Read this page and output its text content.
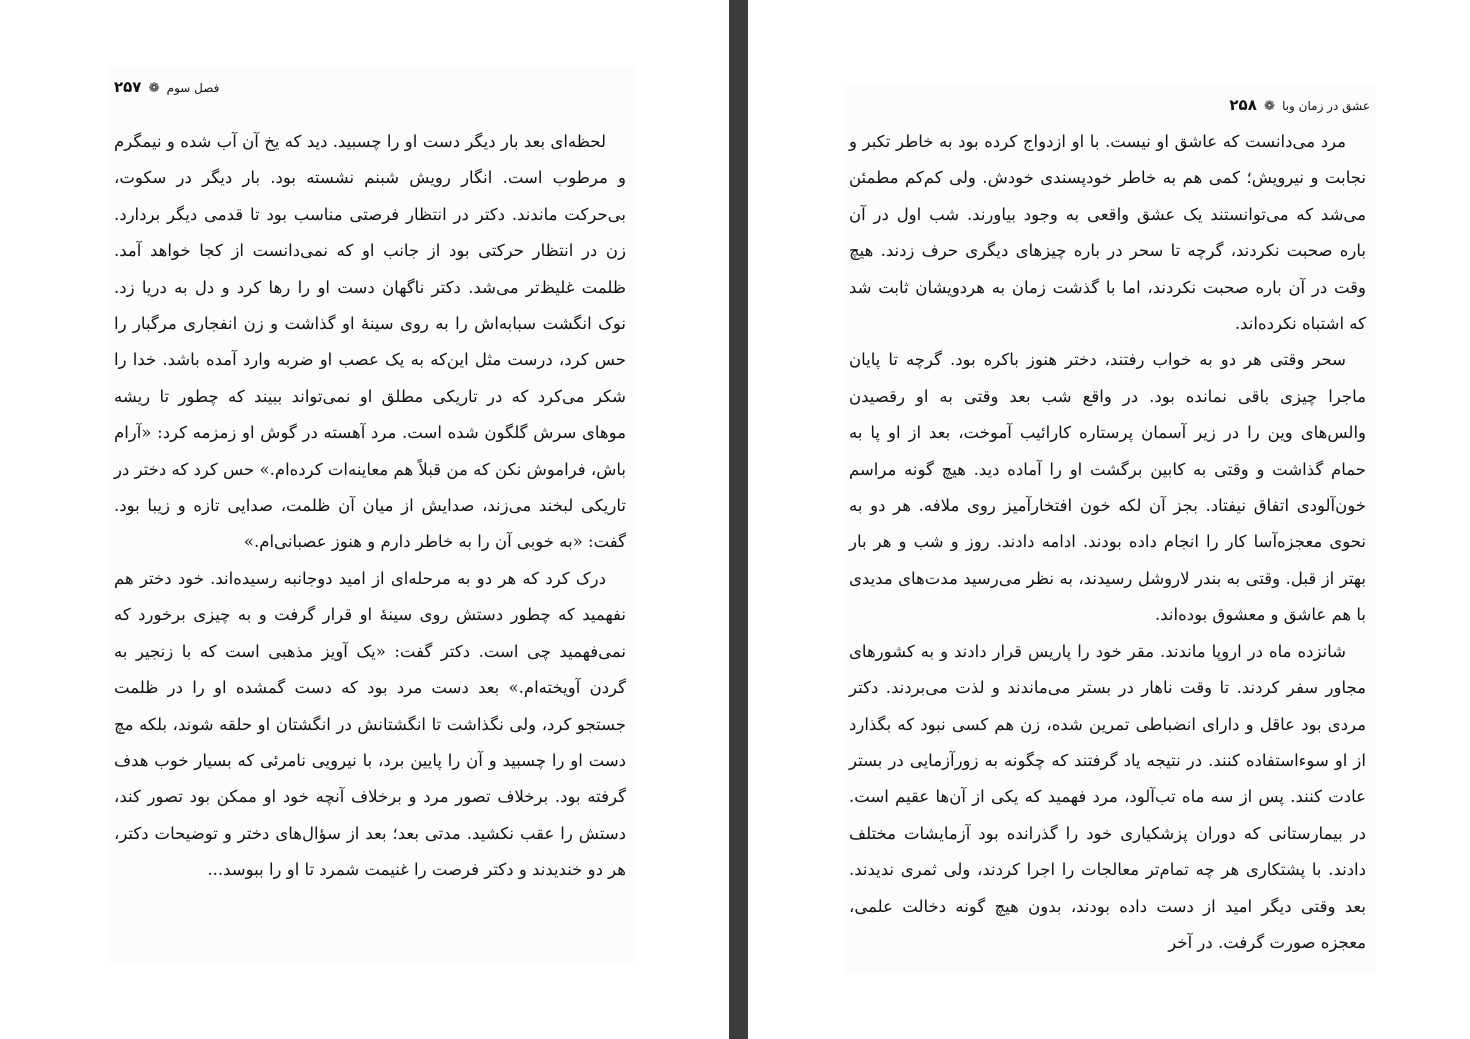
۲۵۷ ❁ فصل سوم

لحظه‌ای بعد بار دیگر دست او را چسبید. دید که یخ آن آب شده و نیمگرم و مرطوب است. انگار رویش شبنم نشسته بود. بار دیگر در سکوت، بی‌حرکت ماندند. دکتر در انتظار فرصتی مناسب بود تا قدمی دیگر بردارد. زن در انتظار حرکتی بود از جانب او که نمی‌دانست از کجا خواهد آمد. ظلمت غلیظ‌تر می‌شد. دکتر ناگهان دست او را رها کرد و دل به دریا زد. نوک انگشت سبابه‌اش را به روی سینهٔ او گذاشت و زن انفجاری مرگبار را حس کرد، درست مثل این‌که به یک عصب او ضربه وارد آمده باشد. خدا را شکر می‌کرد که در تاریکی مطلق او نمی‌تواند ببیند که چطور تا ریشه موهای سرش گلگون شده است. مرد آهسته در گوش او زمزمه کرد: «آرام باش، فراموش نکن که من قبلاً هم معاینه‌ات کرده‌ام.» حس کرد که دختر در تاریکی لبخند می‌زند، صدایش از میان آن ظلمت، صدایی تازه و زیبا بود. گفت: «به خوبی آن را به خاطر دارم و هنوز عصبانی‌ام.»

درک کرد که هر دو به مرحله‌ای از امید دوجانبه رسیده‌اند. خود دختر هم نفهمید که چطور دستش روی سینهٔ او قرار گرفت و به چیزی برخورد که نمی‌فهمید چی است. دکتر گفت: «یک آویز مذهبی است که با زنجیر به گردن آویخته‌ام.» بعد دست مرد بود که دست گمشده او را در ظلمت جستجو کرد، ولی نگذاشت تا انگشتانش در انگشتان او حلقه شوند، بلکه مچ دست او را چسبید و آن را پایین برد، با نیرویی نامرئی که بسیار خوب هدف گرفته بود. برخلاف تصور مرد و برخلاف آنچه خود او ممکن بود تصور کند، دستش را عقب نکشید. مدتی بعد؛ بعد از سؤال‌های دختر و توضیحات دکتر، هر دو خندیدند و دکتر فرصت را غنیمت شمرد تا او را ببوسد...

عشق در زمان وبا ❁ ۲۵۸

مرد می‌دانست که عاشق او نیست. با او ازدواج کرده بود به خاطر تکبر و نجابت و نیرویش؛ کمی هم به خاطر خودپسندی خودش. ولی کم‌کم مطمئن می‌شد که می‌توانستند یک عشق واقعی به وجود بیاورند. شب اول در آن باره صحبت نکردند، گرچه تا سحر در باره چیزهای دیگری حرف زدند. هیچ وقت در آن باره صحبت نکردند، اما با گذشت زمان به هردویشان ثابت شد که اشتباه نکرده‌اند.

سحر وقتی هر دو به خواب رفتند، دختر هنوز باکره بود. گرچه تا پایان ماجرا چیزی باقی نمانده بود. در واقع شب بعد وقتی به او رقصیدن والس‌های وین را در زیر آسمان پرستاره کارائیب آموخت، بعد از او پا به حمام گذاشت و وقتی به کابین برگشت او را آماده دید. هیچ گونه مراسم خون‌آلودی اتفاق نیفتاد. بجز آن لکه خون افتخارآمیز روی ملافه. هر دو به نحوی معجزه‌آسا کار را انجام داده بودند. ادامه دادند. روز و شب و هر بار بهتر از قبل. وقتی به بندر لاروشل رسیدند، به نظر می‌رسید مدت‌های مدیدی با هم عاشق و معشوق بوده‌اند.

شانزده ماه در اروپا ماندند. مقر خود را پاریس قرار دادند و به کشورهای مجاور سفر کردند. تا وقت ناهار در بستر می‌ماندند و لذت می‌بردند. دکتر مردی بود عاقل و دارای انضباطی تمرین شده، زن هم کسی نبود که بگذارد از او سوءاستفاده کنند. در نتیجه یاد گرفتند که چگونه به زورآزمایی در بستر عادت کنند. پس از سه ماه تب‌آلود، مرد فهمید که یکی از آن‌ها عقیم است. در بیمارستانی که دوران پزشکیاری خود را گذرانده بود آزمایشات مختلف دادند. با پشتکاری هر چه تمام‌تر معالجات را اجرا کردند، ولی ثمری ندیدند. بعد وقتی دیگر امید از دست داده بودند، بدون هیچ گونه دخالت علمی، معجزه صورت گرفت. در آخر
